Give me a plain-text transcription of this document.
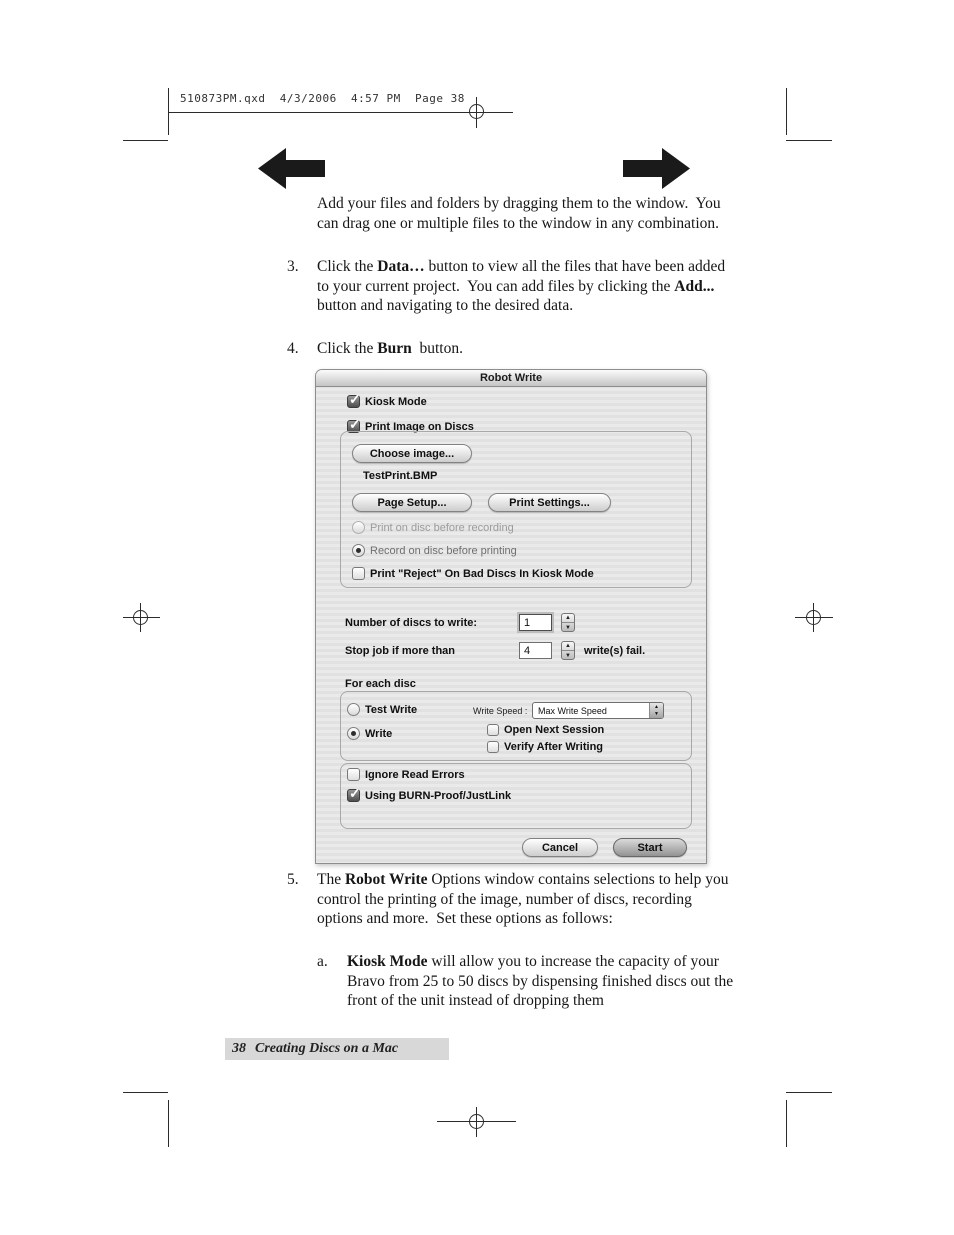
510873PM.qxd  4/3/2006  4:57 PM  Page 38
Add your files and folders by dragging them to the window.  You can drag one or multiple files to the window in any combination.
3. Click the Data… button to view all the files that have been added to your current project.  You can add files by clicking the Add... button and navigating to the desired data.
4. Click the Burn  button.
Robot Write
✓
Kiosk Mode
✓
Print Image on Discs
Choose image...
TestPrint.BMP
Page Setup...	Print Settings...
Print on disc before recording
Record on disc before printing
Print "Reject" On Bad Discs In Kiosk Mode
Number of discs to write:	1
▲
▼
Stop job if more than	4 ▲
▼	write(s) fail.
For each disc
Test Write	Write Speed :	Max Write Speed
▲ ▼
Write	Open Next Session
Verify After Writing
Ignore Read Errors
✓
Using BURN-Proof/JustLink
Cancel	Start
5. The Robot Write Options window contains selections to help you control the printing of the image, number of discs, recording options and more.  Set these options as follows:
a. Kiosk Mode will allow you to increase the capacity of your Bravo from 25 to 50 discs by dispensing finished discs out the front of the unit instead of dropping them
38 Creating Discs on a Mac
